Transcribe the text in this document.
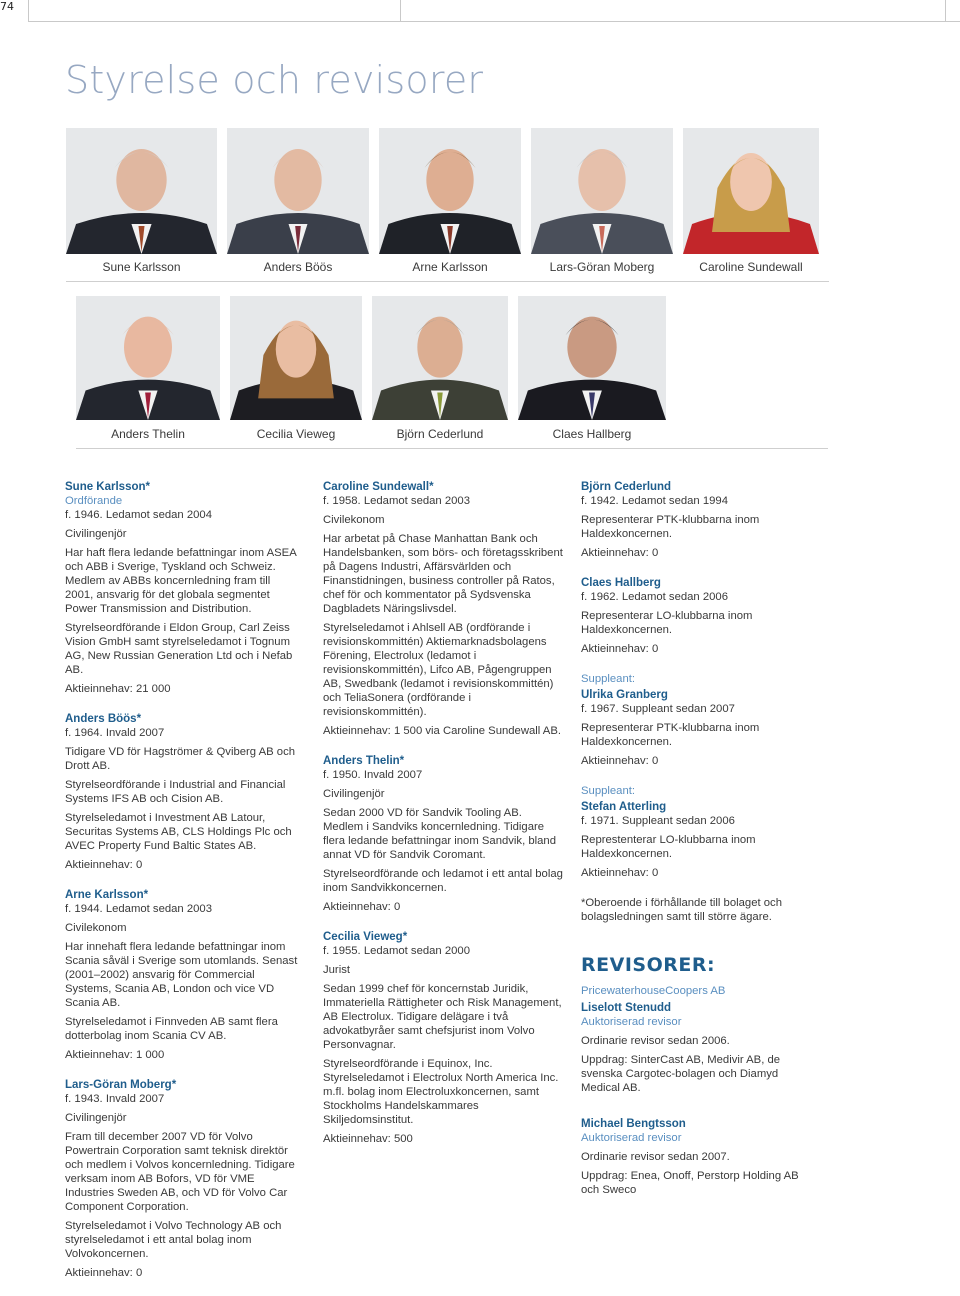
74
Styrelse och revisorer
Sune Karlsson	Anders Böös	Arne Karlsson	Lars-Göran Moberg	Caroline Sundewall
Anders Thelin	Cecilia Vieweg	Björn Cederlund	Claes Hallberg
Sune Karlsson*
Ordförande
f. 1946. Ledamot sedan 2004
Civilingenjör
Har haft flera ledande befattningar inom ASEA och ABB i Sverige, Tyskland och Schweiz. Medlem av ABBs koncernledning fram till 2001, ansvarig för det globala segmentet Power Transmission and Distribution.
Styrelseordförande i Eldon Group, Carl Zeiss Vision GmbH samt styrelseledamot i Tognum AG, New Russian Generation Ltd och i Nefab AB.
Aktieinnehav: 21 000
Anders Böös*
f. 1964. Invald 2007
Tidigare VD för Hagströmer & Qviberg AB och Drott AB.
Styrelseordförande i Industrial and Financial Systems IFS AB och Cision AB.
Styrelseledamot i Investment AB Latour, Securitas Systems AB, CLS Holdings Plc och AVEC Property Fund Baltic States AB.
Aktieinnehav: 0
Arne Karlsson*
f. 1944. Ledamot sedan 2003
Civilekonom
Har innehaft flera ledande befattningar inom Scania såväl i Sverige som utomlands. Senast (2001–2002) ansvarig för Commercial Systems, Scania AB, London och vice VD Scania AB.
Styrelseledamot i Finnveden AB samt flera dotterbolag inom Scania CV AB.
Aktieinnehav: 1 000
Lars-Göran Moberg*
f. 1943. Invald 2007
Civilingenjör
Fram till december 2007 VD för Volvo Powertrain Corporation samt teknisk direktör och medlem i Volvos koncernledning. Tidigare verksam inom AB Bofors, VD för VME Industries Sweden AB, och VD för Volvo Car Component Corporation.
Styrelseledamot i Volvo Technology AB och styrelseledamot i ett antal bolag inom Volvokoncernen.
Aktieinnehav: 0
Caroline Sundewall*
f. 1958. Ledamot sedan 2003
Civilekonom
Har arbetat på Chase Manhattan Bank och Handelsbanken, som börs- och företagsskribent på Dagens Industri, Affärsvärlden och Finanstidningen, business controller på Ratos, chef för och kommentator på Sydsvenska Dagbladets Näringslivsdel.
Styrelseledamot i Ahlsell AB (ordförande i revisionskommittén) Aktiemarknadsbolagens Förening, Electrolux (ledamot i revisionskommittén), Lifco AB, Pågengruppen AB, Swedbank (ledamot i revisionskommittén) och TeliaSonera (ordförande i revisionskommittén).
Aktieinnehav: 1 500 via Caroline Sundewall AB.
Anders Thelin*
f. 1950. Invald 2007
Civilingenjör
Sedan 2000 VD för Sandvik Tooling AB. Medlem i Sandviks koncernledning. Tidigare flera ledande befattningar inom Sandvik, bland annat VD för Sandvik Coromant.
Styrelseordförande och ledamot i ett antal bolag inom Sandvikkoncernen.
Aktieinnehav: 0
Cecilia Vieweg*
f. 1955. Ledamot sedan 2000
Jurist
Sedan 1999 chef för koncernstab Juridik, Immateriella Rättigheter och Risk Management, AB Electrolux. Tidigare delägare i två advokatbyråer samt chefsjurist inom Volvo Personvagnar.
Styrelseordförande i Equinox, Inc. Styrelseledamot i Electrolux North America Inc. m.fl. bolag inom Electroluxkoncernen, samt Stockholms Handelskammares Skiljedomsinstitut.
Aktieinnehav: 500
Björn Cederlund
f. 1942. Ledamot sedan 1994
Representerar PTK-klubbarna inom Haldexkoncernen.
Aktieinnehav: 0
Claes Hallberg
f. 1962. Ledamot sedan 2006
Representerar LO-klubbarna inom Haldexkoncernen.
Aktieinnehav: 0
Suppleant:
Ulrika Granberg
f. 1967. Suppleant sedan 2007
Representerar PTK-klubbarna inom Haldexkoncernen.
Aktieinnehav: 0
Suppleant:
Stefan Atterling
f. 1971. Suppleant sedan 2006
Represtenterar LO-klubbarna inom Haldexkoncernen.
Aktieinnehav: 0
*Oberoende i förhållande till bolaget och bolagsledningen samt till större ägare.
REVISORER:
PricewaterhouseCoopers AB
Liselott Stenudd
Auktoriserad revisor
Ordinarie revisor sedan 2006.
Uppdrag: SinterCast AB, Medivir AB, de svenska Cargotec-bolagen och Diamyd Medical AB.
Michael Bengtsson
Auktoriserad revisor
Ordinarie revisor sedan 2007.
Uppdrag: Enea, Onoff, Perstorp Holding AB och Sweco
